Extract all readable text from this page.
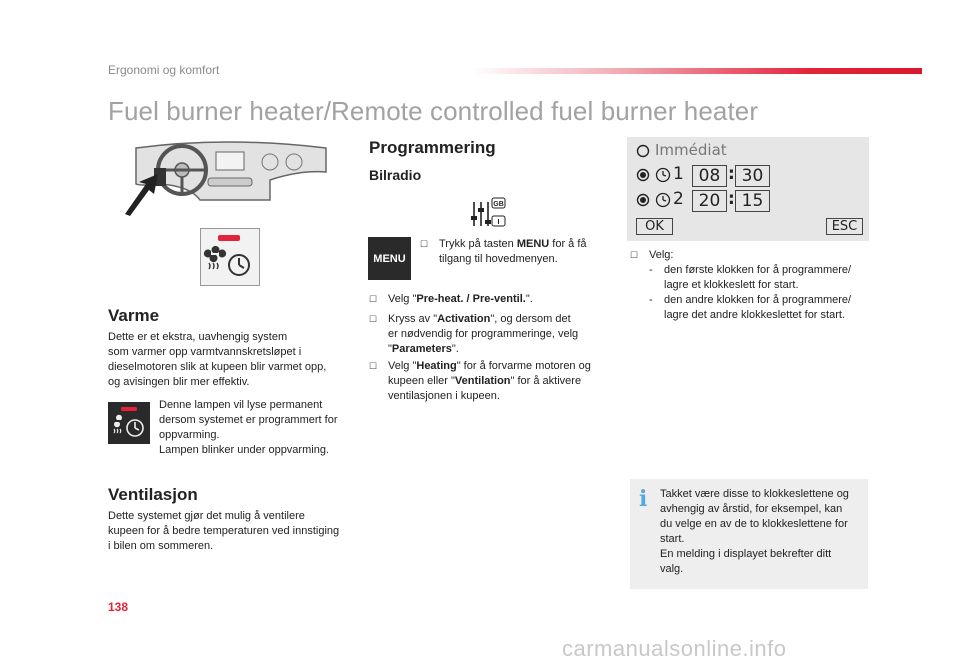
Ergonomi og komfort
Fuel burner heater/Remote controlled fuel burner heater
Varme
Dette er et ekstra, uavhengig system
som varmer opp varmtvannskretsløpet i
dieselmotoren slik at kupeen blir varmet opp,
og avisingen blir mer effektiv.
Denne lampen vil lyse permanent
dersom systemet er programmert for
oppvarming.
Lampen blinker under oppvarming.
Ventilasjon
Dette systemet gjør det mulig å ventilere
kupeen for å bedre temperaturen ved innstiging
i bilen om sommeren.
Programmering
Bilradio
GB
I
MENU
☐ Trykk på tasten MENU for å få
tilgang til hovedmenyen.
☐ Velg "Pre-heat. / Pre-ventil.".
☐ Kryss av "Activation", og dersom det
er nødvendig for programmeringe, velg
"Parameters".
☐ Velg "Heating" for å forvarme motoren og
kupeen eller "Ventilation" for å aktivere
ventilasjonen i kupeen.
Immédiat
1 08 : 30
2 20 : 15
OK	ESC
☐ Velg:
- den første klokken for å programmere/
lagre et klokkeslett for start.
- den andre klokken for å programmere/
lagre det andre klokkeslettet for start.
i Takket være disse to klokkeslettene og
avhengig av årstid, for eksempel, kan
du velge en av de to klokkeslettene for
start.
En melding i displayet bekrefter ditt
valg.
138
carmanualsonline.info
